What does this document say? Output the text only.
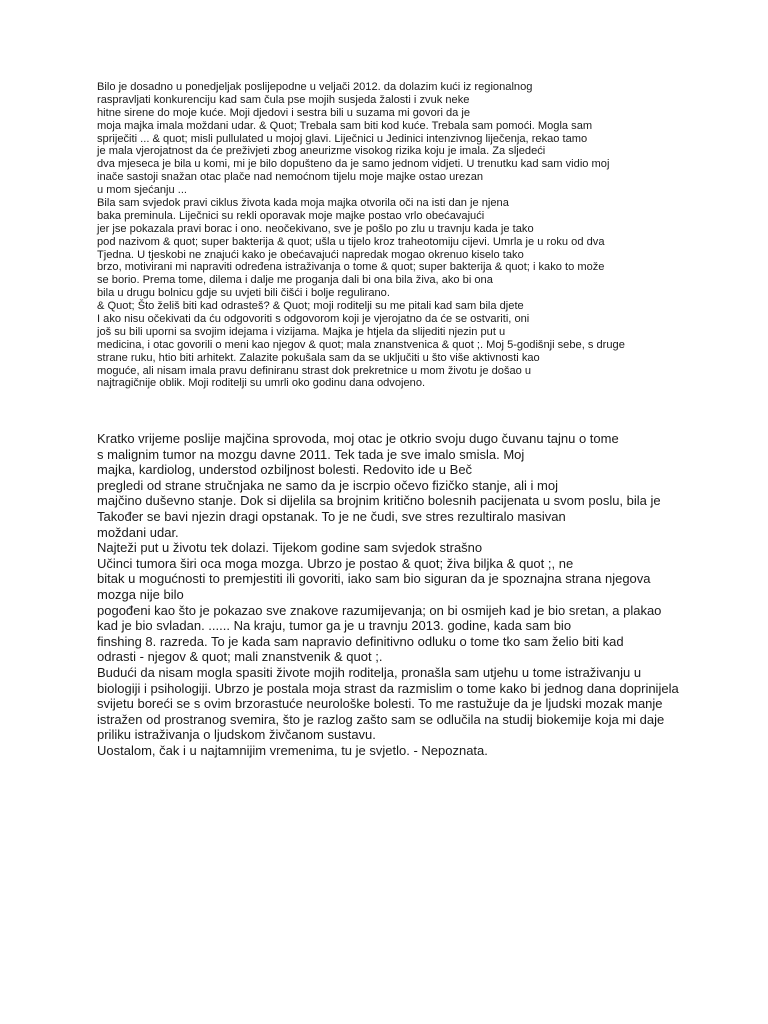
Bilo je dosadno u ponedjeljak poslijepodne u veljači 2012. da dolazim kući iz regionalnog
raspravljati konkurenciju kad sam čula pse mojih susjeda žalosti i zvuk neke
hitne sirene do moje kuće. Moji djedovi i sestra bili u suzama mi govori da je
moja majka imala moždani udar. & Quot; Trebala sam biti kod kuće. Trebala sam pomoći. Mogla sam
spriječiti ... & quot; misli pullulated u mojoj glavi. Liječnici u Jedinici intenzivnog liječenja, rekao tamo
je mala vjerojatnost da će preživjeti zbog aneurizme visokog rizika koju je imala. Za sljedeći
dva mjeseca je bila u komi, mi je bilo dopušteno da je samo jednom vidjeti. U trenutku kad sam vidio moj
inače sastoji snažan otac plače nad nemoćnom tijelu moje majke ostao urezan
u mom sjećanju ...
Bila sam svjedok pravi ciklus života kada moja majka otvorila oči na isti dan je njena
baka preminula. Liječnici su rekli oporavak moje majke postao vrlo obećavajući
jer jse pokazala pravi borac i ono. neočekivano, sve je pošlo po zlu u travnju kada je tako
pod nazivom & quot; super bakterija & quot; ušla u tijelo kroz traheotomiju cijevi. Umrla je u roku od dva
Tjedna. U tjeskobi ne znajući kako je obećavajući napredak mogao okrenuo kiselo tako
brzo, motivirani mi napraviti određena istraživanja o tome & quot; super bakterija & quot; i kako to može
se borio. Prema tome, dilema i dalje me proganja dali bi ona bila živa, ako bi ona
bila u drugu bolnicu gdje su uvjeti bili čišći i bolje regulirano.
& Quot; Što želiš biti kad odrasteš? & Quot; moji roditelji su me pitali kad sam bila djete
I ako nisu očekivati da ću odgovoriti s odgovorom koji je vjerojatno da će se ostvariti, oni
još su bili uporni sa svojim idejama i vizijama. Majka je htjela da slijediti njezin put u
medicina, i otac govorili o meni kao njegov & quot; mala znanstvenica & quot ;. Moj 5-godišnji sebe, s druge
strane ruku, htio biti arhitekt. Zalazite pokušala sam da se uključiti u što više aktivnosti kao
moguće, ali nisam imala pravu definiranu strast dok prekretnice u mom životu je došao u
najtragičnije oblik. Moji roditelji su umrli oko godinu dana odvojeno.
Kratko vrijeme poslije majčina sprovoda, moj otac je otkrio svoju dugo čuvanu tajnu o tome
s malignim tumor na mozgu davne 2011. Tek tada je sve imalo smisla. Moj
majka, kardiolog, understod ozbiljnost bolesti. Redovito ide u Beč
pregledi od strane stručnjaka ne samo da je iscrpio očevo fizičko stanje, ali i moj
majčino duševno stanje. Dok si dijelila sa brojnim kritično bolesnih pacijenata u svom poslu, bila je
Također se bavi njezin dragi opstanak. To je ne čudi, sve stres rezultiralo masivan
moždani udar.
Najteži put u životu tek dolazi. Tijekom godine sam svjedok strašno
Učinci tumora širi oca moga mozga. Ubrzo je postao & quot; živa biljka & quot ;, ne
bitak u mogućnosti to premjestiti ili govoriti, iako sam bio siguran da je spoznajna strana njegova
mozga nije bilo
pogođeni kao što je pokazao sve znakove razumijevanja; on bi osmijeh kad je bio sretan, a plakao
kad je bio svladan. ...... Na kraju, tumor ga je u travnju 2013. godine, kada sam bio
finshing 8. razreda. To je kada sam napravio definitivno odluku o tome tko sam želio biti kad
odrasti - njegov & quot; mali znanstvenik & quot ;.
Budući da nisam mogla spasiti živote mojih roditelja, pronašla sam utjehu u tome istraživanju u
biologiji i psihologiji. Ubrzo je postala moja strast da razmislim o tome kako bi jednog dana doprinijela
svijetu boreći se s ovim brzorastuće neurološke bolesti. To me rastužuje da je ljudski mozak manje
istražen od prostranog svemira, što je razlog zašto sam se odlučila na studij biokemije koja mi daje
priliku istraživanja o ljudskom živčanom sustavu.
Uostalom, čak i u najtamnijim vremenima, tu je svjetlo. - Nepoznata.
